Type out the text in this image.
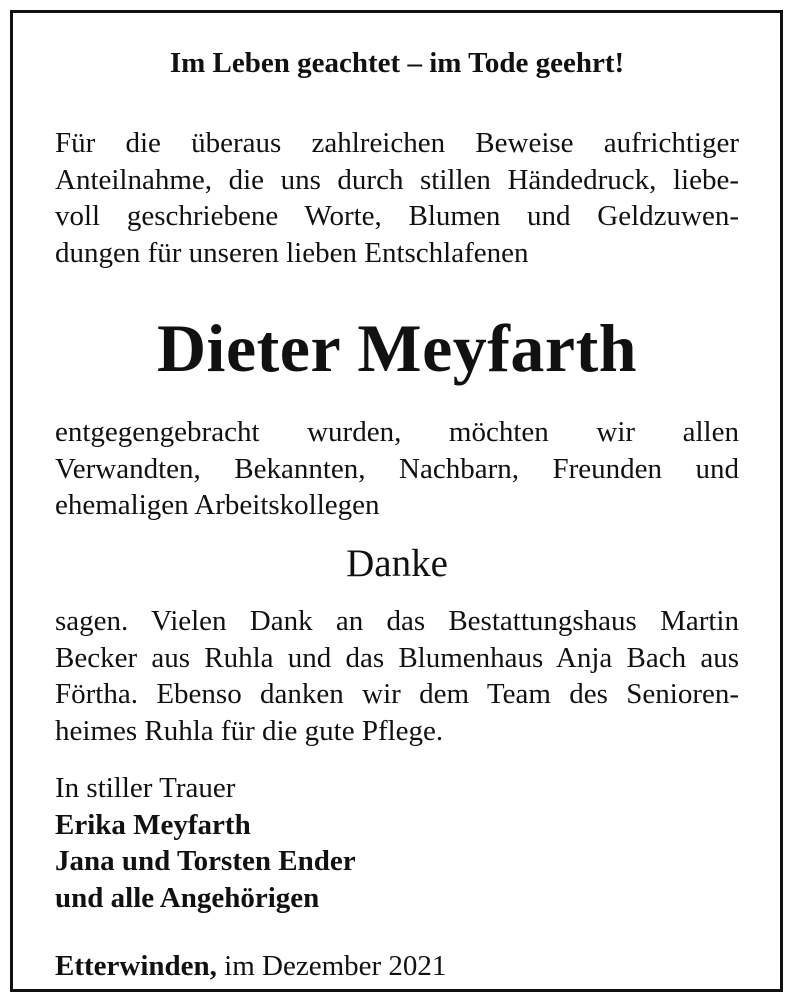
Im Leben geachtet – im Tode geehrt!

Für die überaus zahlreichen Beweise aufrichtiger
Anteilnahme, die uns durch stillen Händedruck, liebe-
voll geschriebene Worte, Blumen und Geldzuwen-
dungen für unseren lieben Entschlafenen

Dieter Meyfarth

entgegengebracht wurden, möchten wir allen
Verwandten, Bekannten, Nachbarn, Freunden und
ehemaligen Arbeitskollegen

Danke

sagen. Vielen Dank an das Bestattungshaus Martin
Becker aus Ruhla und das Blumenhaus Anja Bach aus
Förtha. Ebenso danken wir dem Team des Senioren-
heimes Ruhla für die gute Pflege.

In stiller Trauer
Erika Meyfarth
Jana und Torsten Ender
und alle Angehörigen
Etterwinden, im Dezember 2021
